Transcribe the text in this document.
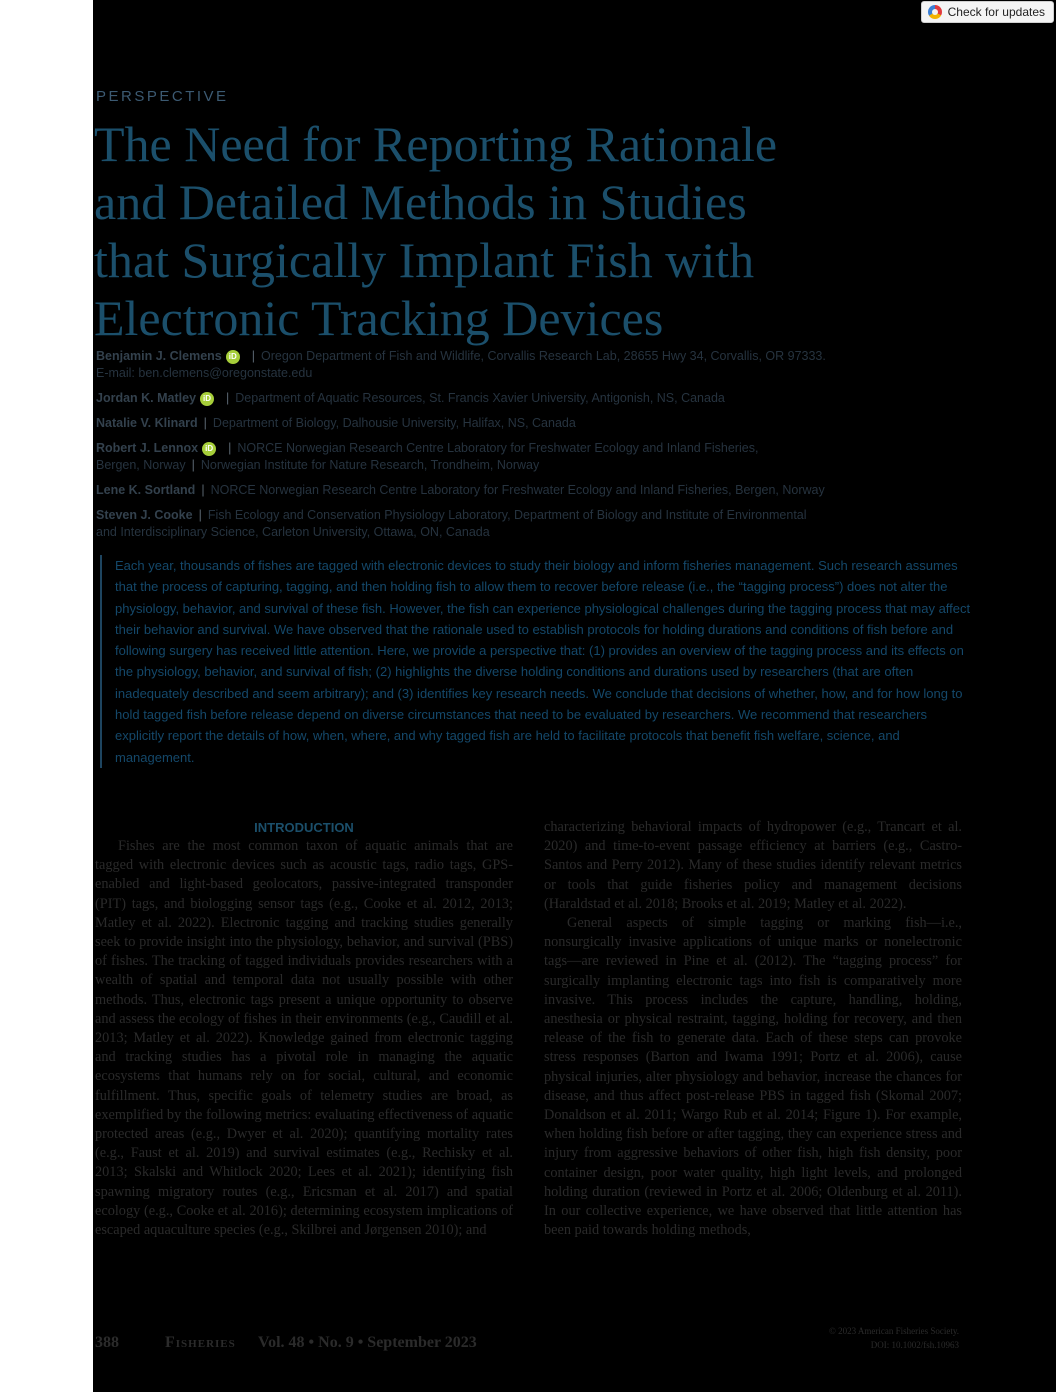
PERSPECTIVE
The Need for Reporting Rationale
and Detailed Methods in Studies
that Surgically Implant Fish with
Electronic Tracking Devices
Benjamin J. Clemens iD | Oregon Department of Fish and Wildlife, Corvallis Research Lab, 28655 Hwy 34, Corvallis, OR 97333.
E-mail: ben.clemens@oregonstate.edu
Jordan K. Matley iD | Department of Aquatic Resources, St. Francis Xavier University, Antigonish, NS, Canada
Natalie V. Klinard | Department of Biology, Dalhousie University, Halifax, NS, Canada
Robert J. Lennox iD | NORCE Norwegian Research Centre Laboratory for Freshwater Ecology and Inland Fisheries,
Bergen, Norway | Norwegian Institute for Nature Research, Trondheim, Norway
Lene K. Sortland | NORCE Norwegian Research Centre Laboratory for Freshwater Ecology and Inland Fisheries, Bergen, Norway
Steven J. Cooke | Fish Ecology and Conservation Physiology Laboratory, Department of Biology and Institute of Environmental
and Interdisciplinary Science, Carleton University, Ottawa, ON, Canada
Each year, thousands of fishes are tagged with electronic devices to study their biology and inform fisheries management. Such research assumes that the process of capturing, tagging, and then holding fish to allow them to recover before release (i.e., the “tagging process”) does not alter the physiology, behavior, and survival of these fish. However, the fish can experience physiological challenges during the tagging process that may affect their behavior and survival. We have observed that the rationale used to establish protocols for holding durations and conditions of fish before and following surgery has received little attention. Here, we provide a perspective that: (1) provides an overview of the tagging process and its effects on the physiology, behavior, and survival of fish; (2) highlights the diverse holding conditions and durations used by researchers (that are often inadequately described and seem arbitrary); and (3) identifies key research needs. We conclude that decisions of whether, how, and for how long to hold tagged fish before release depend on diverse circumstances that need to be evaluated by researchers. We recommend that researchers explicitly report the details of how, when, where, and why tagged fish are held to facilitate protocols that benefit fish welfare, science, and management.
INTRODUCTION

Fishes are the most common taxon of aquatic animals that are tagged with electronic devices such as acoustic tags, radio tags, GPS-enabled and light-based geolocators, passive-integrated transponder (PIT) tags, and biologging sensor tags (e.g., Cooke et al. 2012, 2013; Matley et al. 2022). Electronic tagging and tracking studies generally seek to provide insight into the physiology, behavior, and survival (PBS) of fishes. The tracking of tagged individuals provides researchers with a wealth of spatial and temporal data not usually possible with other methods. Thus, electronic tags present a unique opportunity to observe and assess the ecology of fishes in their environments (e.g., Caudill et al. 2013; Matley et al. 2022). Knowledge gained from electronic tagging and tracking studies has a pivotal role in managing the aquatic ecosystems that humans rely on for social, cultural, and economic fulfillment. Thus, specific goals of telemetry studies are broad, as exemplified by the following metrics: evaluating effectiveness of aquatic protected areas (e.g., Dwyer et al. 2020); quantifying mortality rates (e.g., Faust et al. 2019) and survival estimates (e.g., Rechisky et al. 2013; Skalski and Whitlock 2020; Lees et al. 2021); identifying fish spawning migratory routes (e.g., Ericsman et al. 2017) and spatial ecology (e.g., Cooke et al. 2016); determining ecosystem implications of escaped aquaculture species (e.g., Skilbrei and Jørgensen 2010); and

characterizing behavioral impacts of hydropower (e.g., Trancart et al. 2020) and time-to-event passage efficiency at barriers (e.g., Castro-Santos and Perry 2012). Many of these studies identify relevant metrics or tools that guide fisheries policy and management decisions (Haraldstad et al. 2018; Brooks et al. 2019; Matley et al. 2022).

General aspects of simple tagging or marking fish—i.e., nonsurgically invasive applications of unique marks or nonelectronic tags—are reviewed in Pine et al. (2012). The “tagging process” for surgically implanting electronic tags into fish is comparatively more invasive. This process includes the capture, handling, holding, anesthesia or physical restraint, tagging, holding for recovery, and then release of the fish to generate data. Each of these steps can provoke stress responses (Barton and Iwama 1991; Portz et al. 2006), cause physical injuries, alter physiology and behavior, increase the chances for disease, and thus affect post-release PBS in tagged fish (Skomal 2007; Donaldson et al. 2011; Wargo Rub et al. 2014; Figure 1). For example, when holding fish before or after tagging, they can experience stress and injury from aggressive behaviors of other fish, high fish density, poor container design, poor water quality, high light levels, and prolonged holding duration (reviewed in Portz et al. 2006; Oldenburg et al. 2011). In our collective experience, we have observed that little attention has been paid towards holding methods,

388	Fisheries Vol. 48 • No. 9 • September 2023
© 2023 American Fisheries Society.
DOI: 10.1002/fsh.10963
Check for updates
